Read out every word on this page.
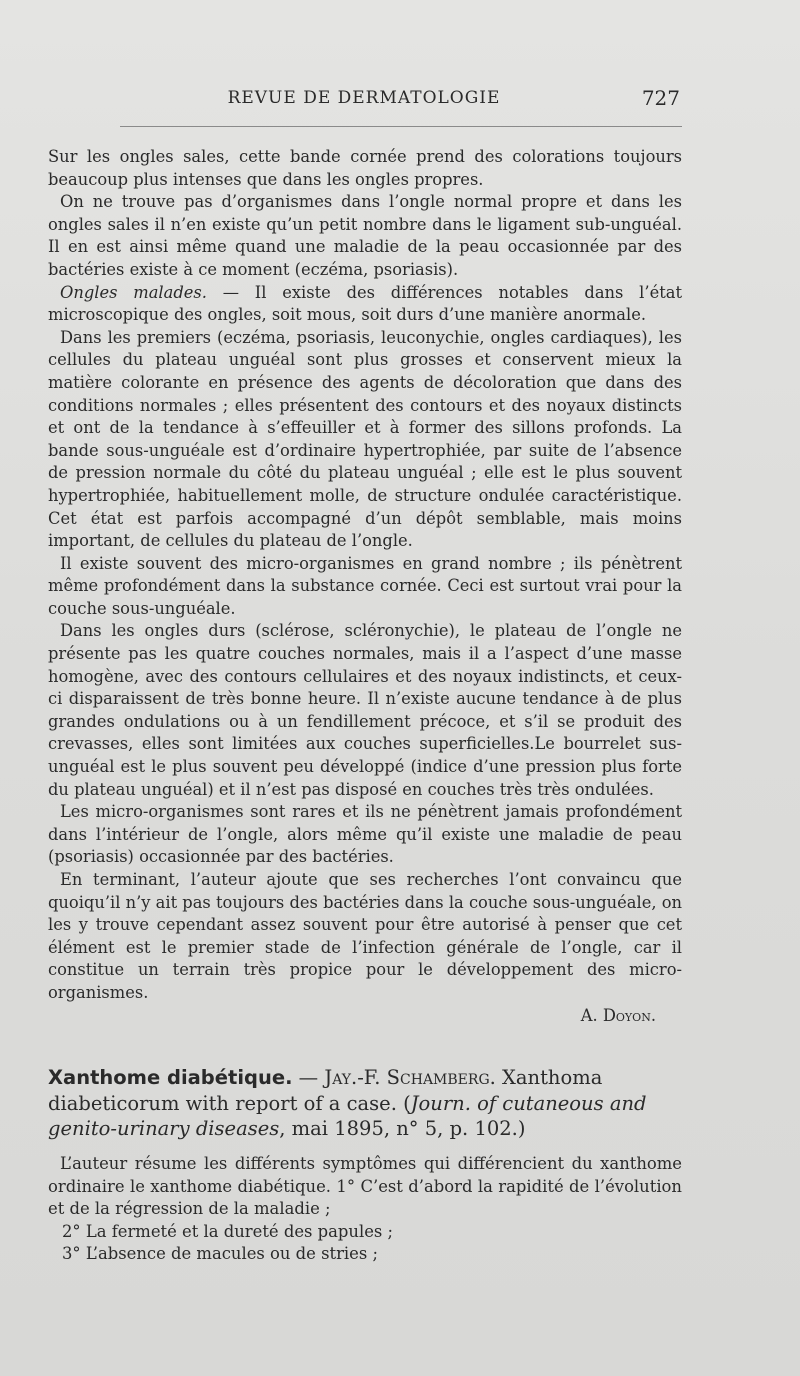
REVUE DE DERMATOLOGIE	727

Sur les ongles sales, cette bande cornée prend des colorations toujours beaucoup plus intenses que dans les ongles propres.

On ne trouve pas d’organismes dans l’ongle normal propre et dans les ongles sales il n’en existe qu’un petit nombre dans le ligament sub-unguéal. Il en est ainsi même quand une maladie de la peau occasionnée par des bactéries existe à ce moment (eczéma, psoriasis).

Ongles malades. — Il existe des différences notables dans l’état microscopique des ongles, soit mous, soit durs d’une manière anormale.

Dans les premiers (eczéma, psoriasis, leuconychie, ongles cardiaques), les cellules du plateau unguéal sont plus grosses et conservent mieux la matière colorante en présence des agents de décoloration que dans des conditions normales ; elles présentent des contours et des noyaux distincts et ont de la tendance à s’effeuiller et à former des sillons profonds. La bande sous-unguéale est d’ordinaire hypertrophiée, par suite de l’absence de pression normale du côté du plateau unguéal ; elle est le plus souvent hypertrophiée, habituellement molle, de structure ondulée caractéristique. Cet état est parfois accompagné d’un dépôt semblable, mais moins important, de cellules du plateau de l’ongle.

Il existe souvent des micro-organismes en grand nombre ; ils pénètrent même profondément dans la substance cornée. Ceci est surtout vrai pour la couche sous-unguéale.

Dans les ongles durs (sclérose, scléronychie), le plateau de l’ongle ne présente pas les quatre couches normales, mais il a l’aspect d’une masse homogène, avec des contours cellulaires et des noyaux indistincts, et ceux-ci disparaissent de très bonne heure. Il n’existe aucune tendance à de plus grandes ondulations ou à un fendillement précoce, et s’il se produit des crevasses, elles sont limitées aux couches superficielles.Le bourrelet sus-unguéal est le plus souvent peu développé (indice d’une pression plus forte du plateau unguéal) et il n’est pas disposé en couches très très ondulées.

Les micro-organismes sont rares et ils ne pénètrent jamais profondément dans l’intérieur de l’ongle, alors même qu’il existe une maladie de peau (psoriasis) occasionnée par des bactéries.

En terminant, l’auteur ajoute que ses recherches l’ont convaincu que quoiqu’il n’y ait pas toujours des bactéries dans la couche sous-unguéale, on les y trouve cependant assez souvent pour être autorisé à penser que cet élément est le premier stade de l’infection générale de l’ongle, car il constitue un terrain très propice pour le développement des micro-organismes.

A. Doyon.
Xanthome diabétique. — Jay.-F. Schamberg. Xanthoma diabeticorum with report of a case. (Journ. of cutaneous and genito-urinary diseases, mai 1895, n° 5, p. 102.)

L’auteur résume les différents symptômes qui différencient du xanthome ordinaire le xanthome diabétique. 1° C’est d’abord la rapidité de l’évolution et de la régression de la maladie ;

2° La fermeté et la dureté des papules ;

3° L’absence de macules ou de stries ;
